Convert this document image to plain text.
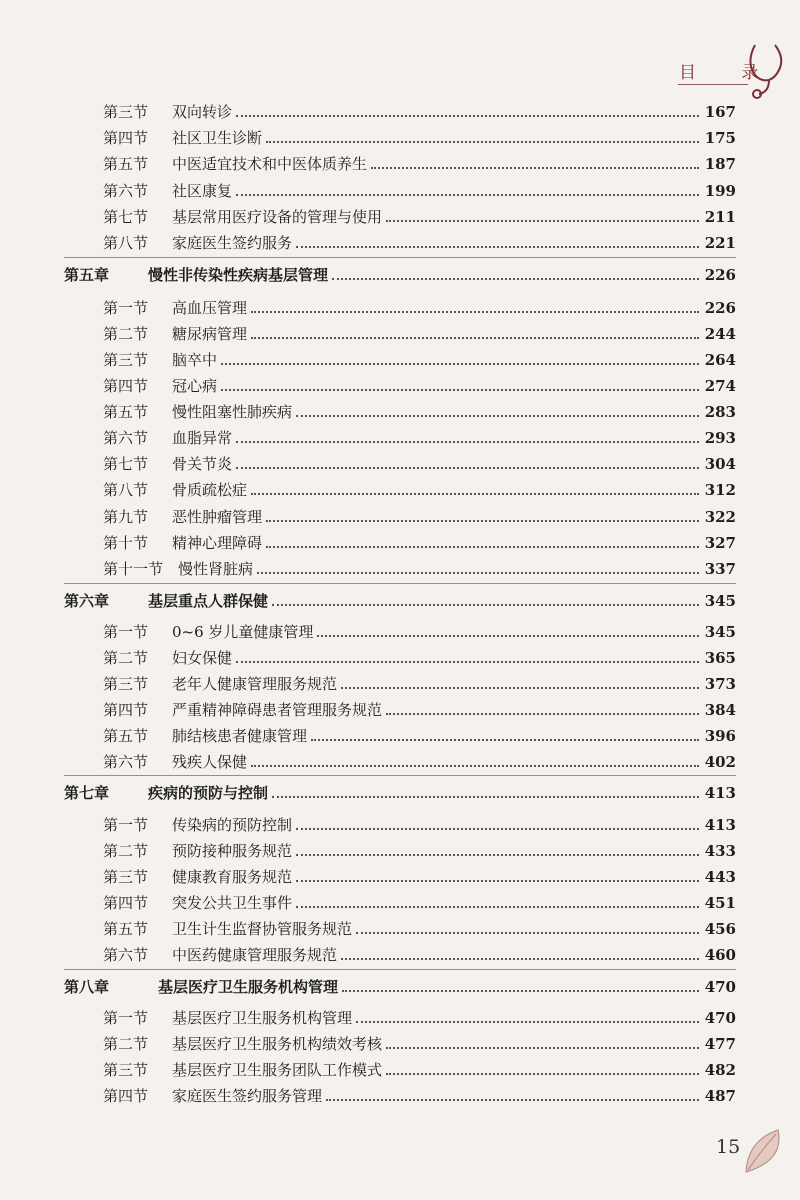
目 录
第三节 双向转诊	167
第四节 社区卫生诊断	175
第五节 中医适宜技术和中医体质养生	187
第六节 社区康复	199
第七节 基层常用医疗设备的管理与使用	211
第八节 家庭医生签约服务	221
第五章	慢性非传染性疾病基层管理	226
第一节 高血压管理	226
第二节 糖尿病管理	244
第三节 脑卒中	264
第四节 冠心病	274
第五节 慢性阻塞性肺疾病	283
第六节 血脂异常	293
第七节 骨关节炎	304
第八节 骨质疏松症	312
第九节 恶性肿瘤管理	322
第十节 精神心理障碍	327
第十一节 慢性肾脏病	337
第六章	基层重点人群保健	345
第一节 0~6 岁儿童健康管理	345
第二节 妇女保健	365
第三节 老年人健康管理服务规范	373
第四节 严重精神障碍患者管理服务规范	384
第五节 肺结核患者健康管理	396
第六节 残疾人保健	402
第七章	疾病的预防与控制	413
第一节 传染病的预防控制	413
第二节 预防接种服务规范	433
第三节 健康教育服务规范	443
第四节 突发公共卫生事件	451
第五节 卫生计生监督协管服务规范	456
第六节 中医药健康管理服务规范	460
第八章	基层医疗卫生服务机构管理	470
第一节 基层医疗卫生服务机构管理	470
第二节 基层医疗卫生服务机构绩效考核	477
第三节 基层医疗卫生服务团队工作模式	482
第四节 家庭医生签约服务管理	487
15
